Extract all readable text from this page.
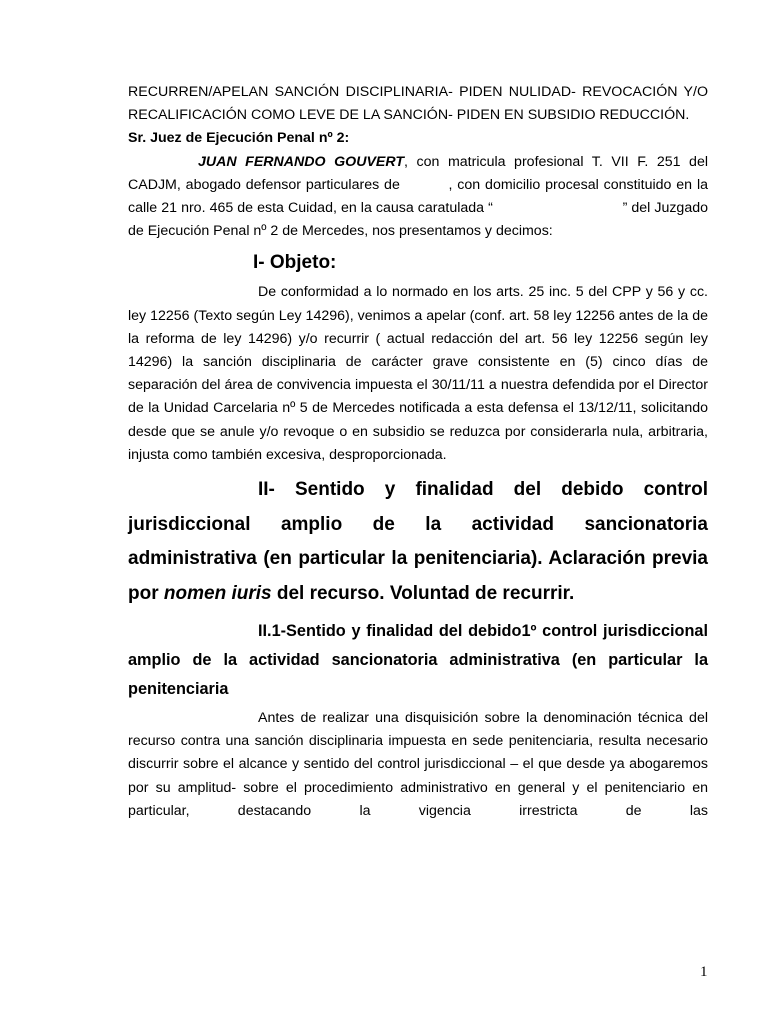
RECURREN/APELAN SANCIÓN DISCIPLINARIA- PIDEN NULIDAD- REVOCACIÓN Y/O RECALIFICACIÓN COMO LEVE DE LA SANCIÓN- PIDEN EN SUBSIDIO REDUCCIÓN.

Sr. Juez de Ejecución Penal nº 2:

JUAN FERNANDO GOUVERT, con matricula profesional T. VII F. 251 del CADJM, abogado defensor particulares de          , con domicilio procesal constituido en la calle 21 nro. 465 de esta Cuidad, en la causa caratulada “                                ” del Juzgado de Ejecución Penal nº 2 de Mercedes, nos presentamos y decimos:

I- Objeto:

De conformidad a lo normado en los arts. 25 inc. 5 del CPP y 56 y cc. ley 12256 (Texto según Ley 14296), venimos a apelar (conf. art. 58 ley 12256 antes de la de la reforma de ley 14296) y/o recurrir ( actual redacción del art. 56 ley 12256 según ley 14296) la sanción disciplinaria de carácter grave consistente en (5) cinco días de separación del área de convivencia impuesta el 30/11/11 a nuestra defendida por el Director de la Unidad Carcelaria nº 5 de Mercedes notificada a esta defensa el 13/12/11, solicitando desde que se anule y/o revoque o en subsidio se reduzca por considerarla nula, arbitraria, injusta como también excesiva, desproporcionada.

II- Sentido y finalidad del debido control jurisdiccional amplio de la actividad sancionatoria administrativa (en particular la penitenciaria). Aclaración previa por nomen iuris del recurso. Voluntad de recurrir.

II.1-Sentido y finalidad del debido1º control jurisdiccional amplio de la actividad sancionatoria administrativa (en particular la penitenciaria

Antes de realizar una disquisición sobre la denominación técnica del recurso contra una sanción disciplinaria impuesta en sede penitenciaria, resulta necesario discurrir sobre el alcance y sentido del control jurisdiccional – el que desde ya abogaremos por su amplitud- sobre el procedimiento administrativo en general y el penitenciario en particular, destacando la vigencia irrestricta de las

1
